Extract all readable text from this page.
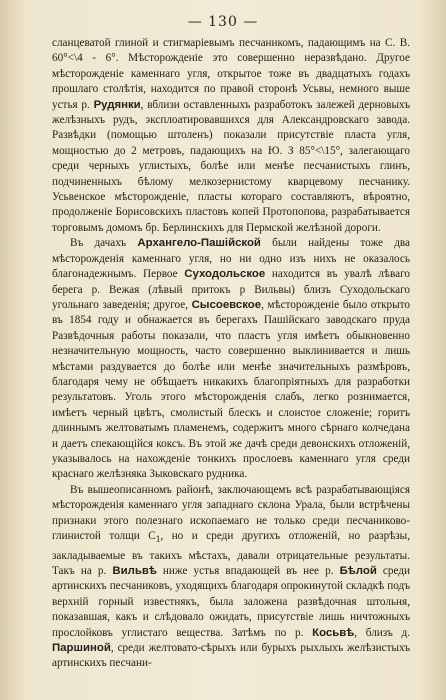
— 130 —

сланцеватой глиной и стигмаріевымъ песчаникомъ, падающимъ на С. В. 60°<\4 - 6°. Мѣсторожденіе это совершенно неразвѣдано. Другое мѣсторожденіе каменнаго угля, открытое тоже въ двадцатыхъ годахъ прошлаго столѣтія, находится по правой сторонѣ Усьвы, немного выше устья р. Рудянки, вблизи оставленныхъ разработокъ залежей дерновыхъ желѣзныхъ рудъ, эксплоатировавшихся для Александровскаго завода. Развѣдки (помощью штоленъ) показали присутствіе пласта угля, мощностью до 2 метровъ, падающихъ на Ю. З 85°<\15°, залегающаго среди черныхъ углистыхъ, болѣе или менѣе песчанистыхъ глинъ, подчиненныхъ бѣлому мелкозернистому кварцевому песчанику. Усьвенское мѣсторожденіе, пласты котораго составляютъ, вѣроятно, продолженіе Борисовскихъ пластовъ копей Протопопова, разрабатывается торговымъ домомъ бр. Берлинскихъ для Пермской желѣзной дороги.

Въ дачахъ Архангело-Пашійской были найдены тоже два мѣсторожденія каменнаго угля, но ни одно изъ нихъ не оказалось благонадежнымъ. Первое Суходольское находится въ увалѣ лѣваго берега р. Вежая (лѣвый притокъ р Вильвы) близъ Суходольскаго угольнаго заведенія; другое, Сысоевское, мѣсторожденіе было открыто въ 1854 году и обнажается въ берегахъ Пашійскаго заводскаго пруда Развѣдочныя работы показали, что пластъ угля имѣетъ обыкновенно незначительную мощность, часто совершенно выклинивается и лишь мѣстами раздувается до болѣе или менѣе значительныхъ размѣровъ, благодаря чему не обѣщаетъ никакихъ благопріятныхъ для разработки результатовъ. Уголь этого мѣсторожденія слабъ, легко рознимается, имѣетъ черный цвѣтъ, смолистый блескъ и слоистое сложеніе; горитъ длиннымъ желтоватымъ пламенемъ, содержитъ много сѣрнаго колчедана и даетъ спекающійся коксъ. Въ этой же дачѣ среди девонскихъ отложеній, указывалось на нахожденіе тонкихъ прослоевъ каменнаго угля среди краснаго желѣзняка Зыковскаго рудника.

Въ вышеописанномъ районѣ, заключающемъ всѣ разрабатывающіяся мѣсторожденія каменнаго угля западнаго склона Урала, были встрѣчены признаки этого полезнаго ископаемаго не только среди песчаниково-глинистой толщи $C_1$, но и среди другихъ отложеній, но разрѣзы, закладываемые въ такихъ мѣстахъ, давали отрицательные результаты. Такъ на р. Вильвѣ ниже устья впадающей въ нее р. Бѣлой среди артинскихъ песчаниковъ, уходящихъ благодаря опрокинутой складкѣ подъ верхній горный известнякъ, была заложена развѣдочная штольня, показавшая, какъ и слѣдовало ожидать, присутствіе лишь ничтожныхъ прослойковъ углистаго вещества. Затѣмъ по р. Косьвѣ, близъ д. Паршиной, среди желтовато-сѣрыхъ или бурыхъ рыхлыхъ желѣзистыхъ артинскихъ песчани-
